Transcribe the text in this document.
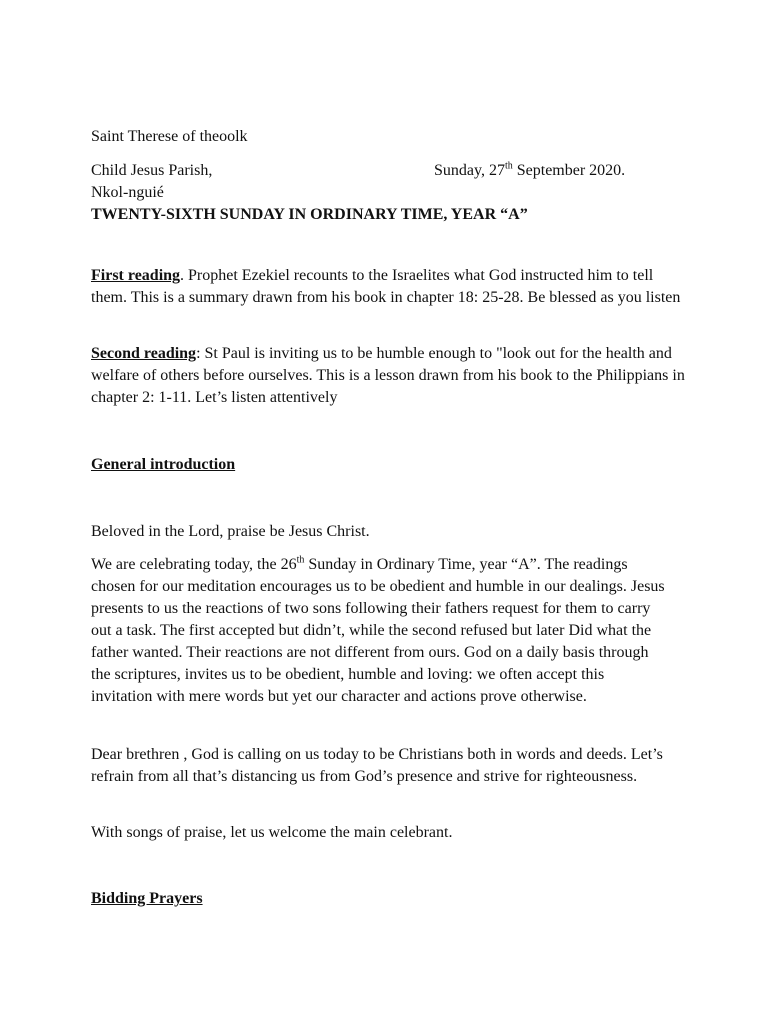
Saint Therese of theoolk

Child Jesus Parish,	Sunday, 27th September 2020.

Nkol-nguié

TWENTY-SIXTH SUNDAY IN ORDINARY TIME, YEAR “A”

First reading. Prophet Ezekiel recounts to the Israelites what God instructed him to tell them. This is a summary drawn from his book in chapter 18: 25-28. Be blessed as you listen

Second reading: St Paul is inviting us to be humble enough to "look out for the health and welfare of others before ourselves. This is a lesson drawn from his book to the Philippians in chapter 2: 1-11. Let’s listen attentively

General introduction

Beloved in the Lord, praise be Jesus Christ.

We are celebrating today, the 26th Sunday in Ordinary Time, year “A”. The readings chosen for our meditation encourages us to be obedient and humble in our dealings. Jesus presents to us the reactions of two sons following their fathers request for them to carry out a task. The first accepted but didn’t, while the second refused but later Did what the father wanted. Their reactions are not different from ours. God on a daily basis through the scriptures, invites us to be obedient, humble and loving: we often accept this invitation with mere words but yet our character and actions prove otherwise.

Dear brethren , God is calling on us today to be Christians both in words and deeds. Let’s refrain from all that’s distancing us from God’s presence and strive for righteousness.

With songs of praise, let us welcome the main celebrant.

Bidding Prayers
